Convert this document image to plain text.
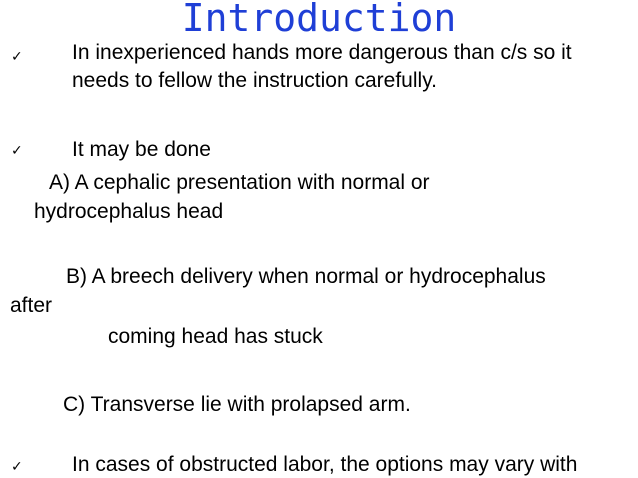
Introduction
✓ In inexperienced hands more dangerous than c/s so it
needs to fellow the instruction carefully.
✓ It may be done
A) A cephalic presentation with normal or
hydrocephalus head
B) A breech delivery when normal or hydrocephalus
after
coming head has stuck
C) Transverse lie with prolapsed arm.
✓ In cases of obstructed labor, the options may vary with
